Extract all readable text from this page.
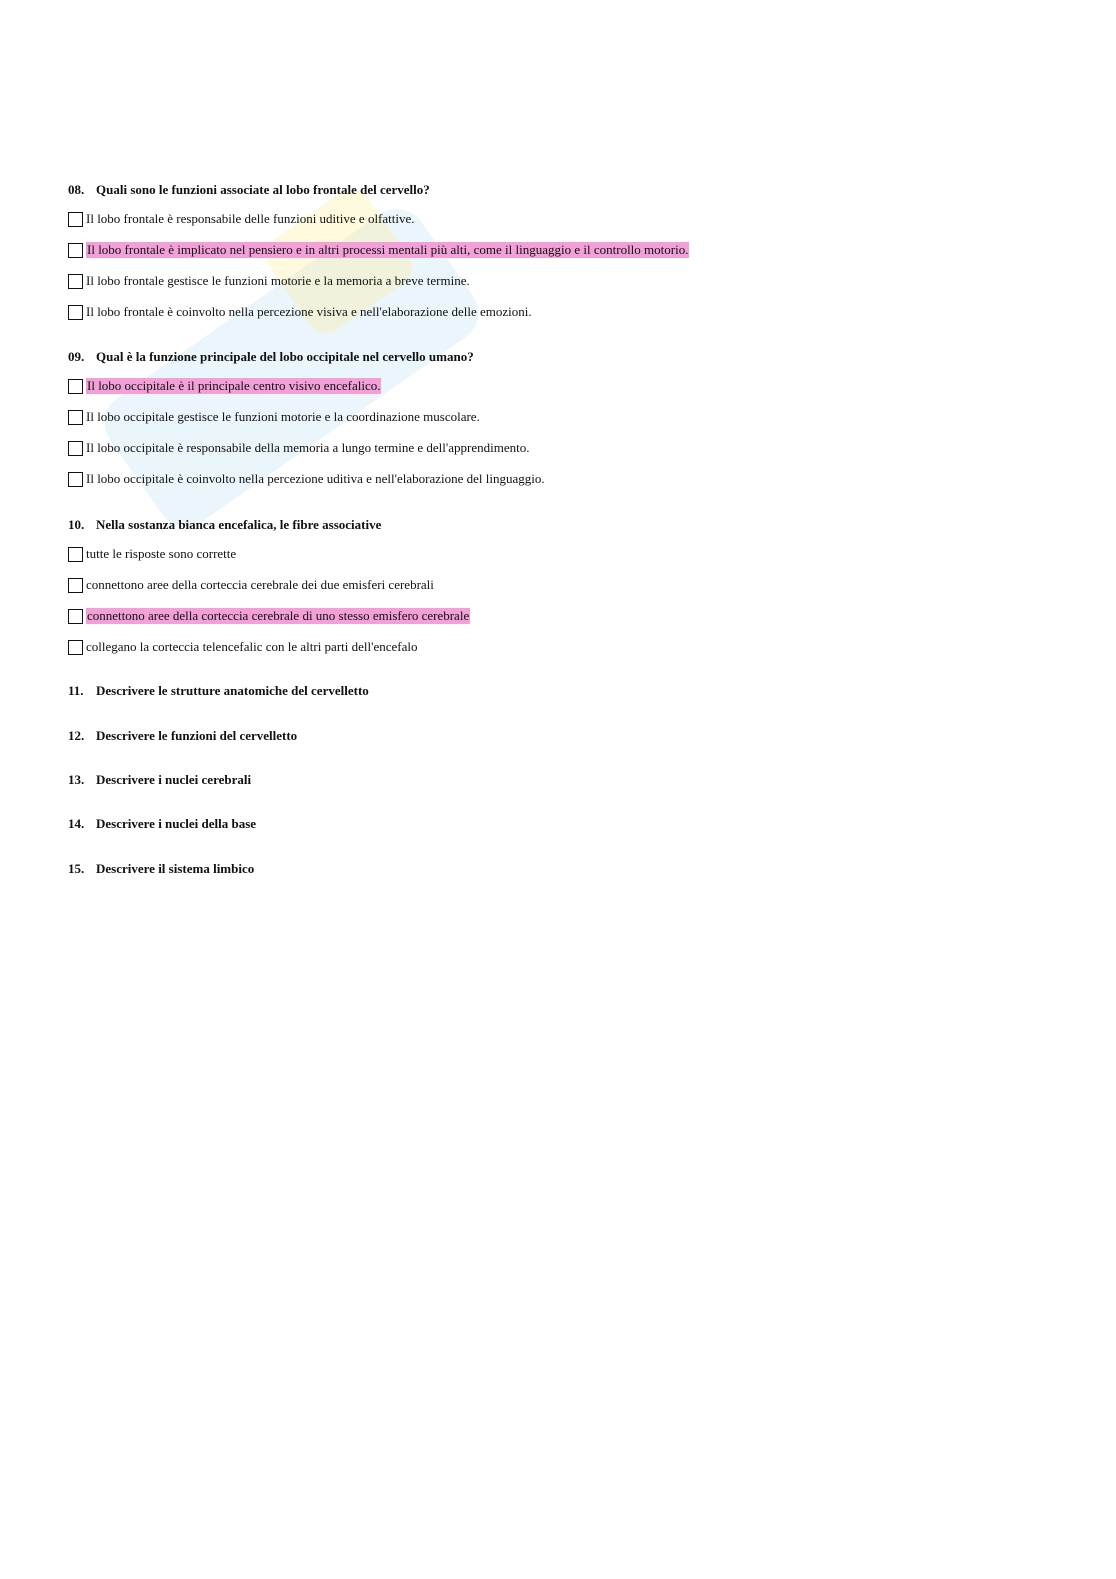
08. Quali sono le funzioni associate al lobo frontale del cervello?
Il lobo frontale è responsabile delle funzioni uditive e olfattive.
Il lobo frontale è implicato nel pensiero e in altri processi mentali più alti, come il linguaggio e il controllo motorio.
Il lobo frontale gestisce le funzioni motorie e la memoria a breve termine.
Il lobo frontale è coinvolto nella percezione visiva e nell'elaborazione delle emozioni.
09. Qual è la funzione principale del lobo occipitale nel cervello umano?
Il lobo occipitale è il principale centro visivo encefalico.
Il lobo occipitale gestisce le funzioni motorie e la coordinazione muscolare.
Il lobo occipitale è responsabile della memoria a lungo termine e dell'apprendimento.
Il lobo occipitale è coinvolto nella percezione uditiva e nell'elaborazione del linguaggio.
10. Nella sostanza bianca encefalica, le fibre associative
tutte le risposte sono corrette
connettono aree della corteccia cerebrale dei due emisferi cerebrali
connettono aree della corteccia cerebrale di uno stesso emisfero cerebrale
collegano la corteccia telencefalic con le altri parti dell'encefalo
11. Descrivere le strutture anatomiche del cervelletto
12. Descrivere le funzioni del cervelletto
13. Descrivere i nuclei cerebrali
14. Descrivere i nuclei della base
15. Descrivere il sistema limbico
